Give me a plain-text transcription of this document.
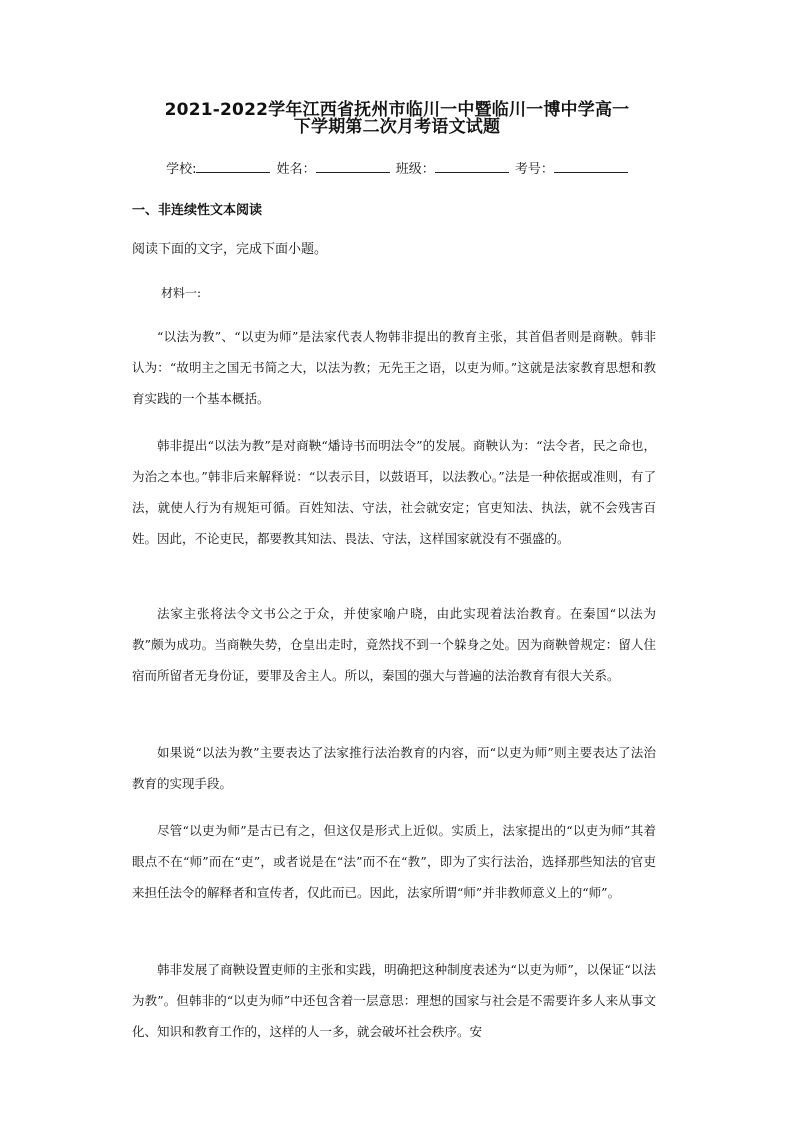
2021-2022学年江西省抚州市临川一中暨临川一博中学高一
下学期第二次月考语文试题
学校:	姓名：	班级：	考号：
一、非连续性文本阅读
阅读下面的文字，完成下面小题。
材料一:

“以法为教”、“以吏为师”是法家代表人物韩非提出的教育主张，其首倡者则是商鞅。韩非认为：“故明主之国无书简之大，以法为教；无先王之语，以吏为师。”这就是法家教育思想和教育实践的一个基本概括。

韩非提出“以法为教”是对商鞅“燔诗书而明法令”的发展。商鞅认为：“法令者，民之命也，为治之本也。”韩非后来解释说：“以表示目，以鼓语耳，以法教心。”法是一种依据或准则，有了法，就使人行为有规矩可循。百姓知法、守法，社会就安定；官吏知法、执法，就不会残害百姓。因此，不论吏民，都要教其知法、畏法、守法，这样国家就没有不强盛的。

法家主张将法令文书公之于众，并使家喻户晓，由此实现着法治教育。在秦国“以法为教”颇为成功。当商鞅失势，仓皇出走时，竟然找不到一个躲身之处。因为商鞅曾规定：留人住宿而所留者无身份证，要罪及舍主人。所以，秦国的强大与普遍的法治教育有很大关系。

如果说“以法为教”主要表达了法家推行法治教育的内容，而“以吏为师”则主要表达了法治教育的实现手段。

尽管“以吏为师”是古已有之，但这仅是形式上近似。实质上，法家提出的“以吏为师”其着眼点不在“师”而在“吏”，或者说是在“法”而不在“教”，即为了实行法治，选择那些知法的官吏来担任法令的解释者和宣传者，仅此而已。因此，法家所谓“师”并非教师意义上的“师”。

韩非发展了商鞅设置吏师的主张和实践，明确把这种制度表述为“以吏为师”，以保证“以法为教”。但韩非的“以吏为师”中还包含着一层意思：理想的国家与社会是不需要许多人来从事文化、知识和教育工作的，这样的人一多，就会破坏社会秩序。安
